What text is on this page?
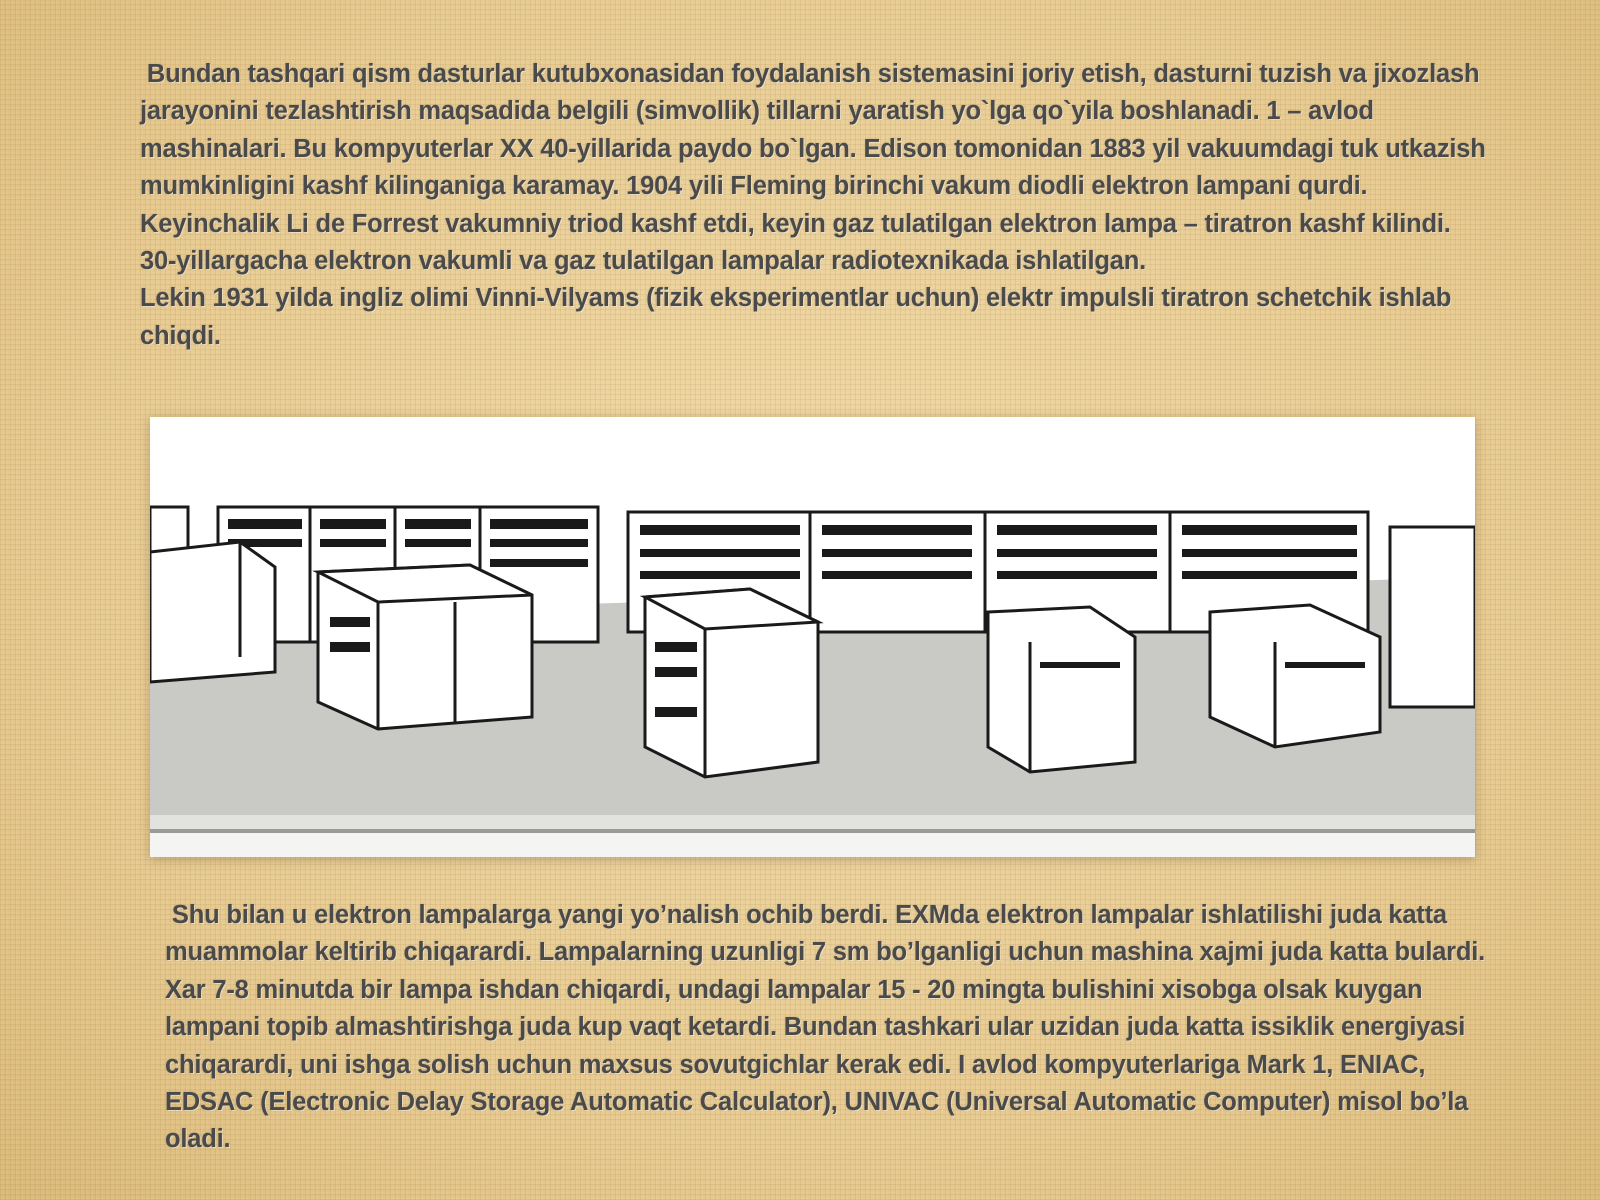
Bundan tashqari qism dasturlar kutubxonasidan foydalanish sistemasini joriy etish, dasturni tuzish va jixozlash jarayonini tezlashtirish maqsadida belgili (simvollik) tillarni yaratish yo`lga qo`yila boshlanadi. 1 – avlod mashinalari. Bu kompyuterlar XX 40-yillarida paydo bo`lgan. Edison tomonidan 1883 yil vakuumdagi tuk utkazish mumkinligini kashf kilinganiga karamay. 1904 yili Fleming birinchi vakum diodli elektron lampani qurdi. Keyinchalik Li de Forrest vakumniy triod kashf etdi, keyin gaz tulatilgan elektron lampa – tiratron kashf kilindi. 30-yillargacha elektron vakumli va gaz tulatilgan lampalar radiotexnikada ishlatilgan.

Lekin 1931 yilda ingliz olimi Vinni-Vilyams (fizik eksperimentlar uchun) elektr impulsli tiratron schetchik ishlab chiqdi.

Shu bilan u elektron lampalarga yangi yo’nalish ochib berdi. EXMda elektron lampalar ishlatilishi juda katta muammolar keltirib chiqarardi. Lampalarning uzunligi 7 sm bo’lganligi uchun mashina xajmi juda katta bulardi. Xar 7-8 minutda bir lampa ishdan chiqardi, undagi lampalar 15 - 20 mingta bulishini xisobga olsak kuygan lampani topib almashtirishga juda kup vaqt ketardi. Bundan tashkari ular uzidan juda katta issiklik energiyasi chiqarardi, uni ishga solish uchun maxsus sovutgichlar kerak edi. I avlod kompyuterlariga Mark 1, ENIAC, EDSAC (Electronic Delay Storage Automatic Calculator), UNIVAC (Universal Automatic Computer) misol bo’la oladi.
